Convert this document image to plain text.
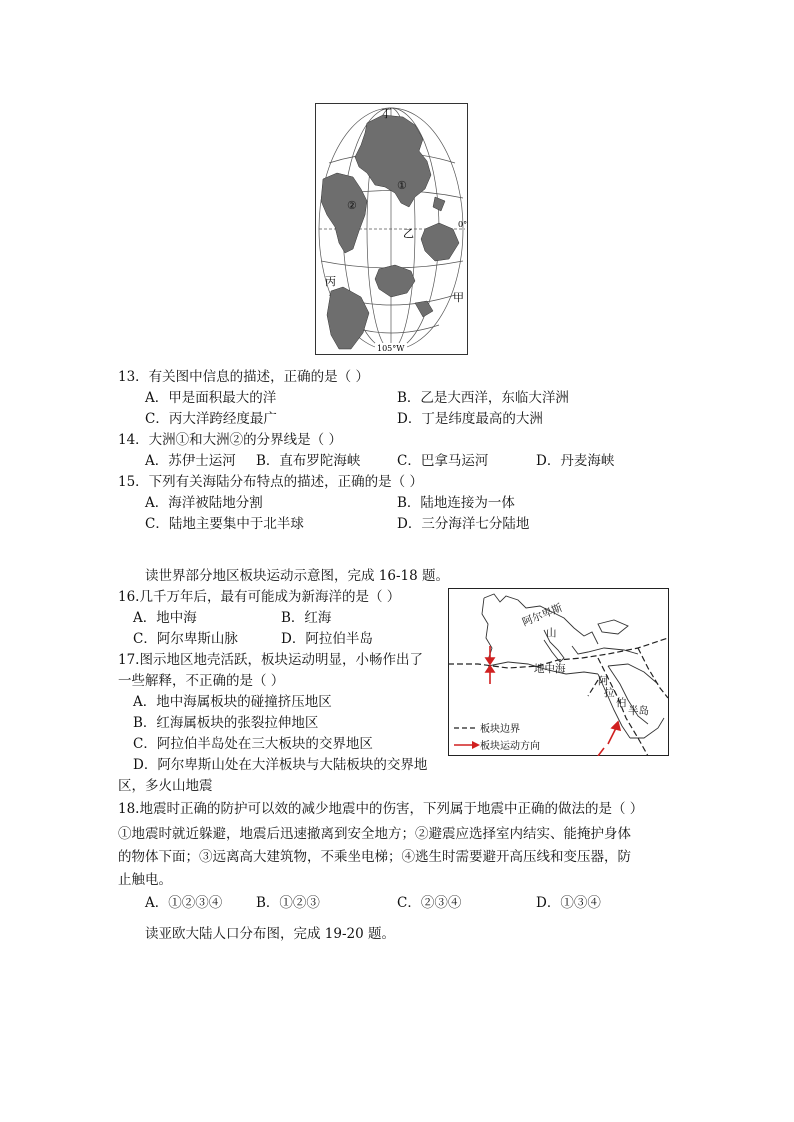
丁
①
②
乙
0°
丙
甲
105°W
13．有关图中信息的描述，正确的是（ ）
A．甲是面积最大的洋	B．乙是大西洋，东临大洋洲
C．丙大洋跨经度最广	D．丁是纬度最高的大洲
14．大洲①和大洲②的分界线是（ ）
A．苏伊士运河 B．直布罗陀海峡	C．巴拿马运河	D．丹麦海峡
15．下列有关海陆分布特点的描述，正确的是（ ）
A．海洋被陆地分割	B．陆地连接为一体
C．陆地主要集中于北半球	D．三分海洋七分陆地
读世界部分地区板块运动示意图，完成 16-18 题。
16.几千万年后，最有可能成为新海洋的是（ ）
A．地中海	B．红海
C．阿尔卑斯山脉	D．阿拉伯半岛
17.图示地区地壳活跃，板块运动明显，小畅作出了
一些解释，不正确的是（ ）
A．地中海属板块的碰撞挤压地区
B．红海属板块的张裂拉伸地区
C．阿拉伯半岛处在三大板块的交界地区
D．阿尔卑斯山处在大洋板块与大陆板块的交界地
区，多火山地震
阿尔卑斯
山
地中海
阿
拉
伯
半岛
板块边界
板块运动方向
18.地震时正确的防护可以效的减少地震中的伤害，下列属于地震中正确的做法的是（ ）
①地震时就近躲避，地震后迅速撤离到安全地方；②避震应选择室内结实、能掩护身体
的物体下面；③远离高大建筑物，不乘坐电梯；④逃生时需要避开高压线和变压器，防
止触电。
A．①②③④	B．①②③	C．②③④	D．①③④
读亚欧大陆人口分布图，完成 19-20 题。
